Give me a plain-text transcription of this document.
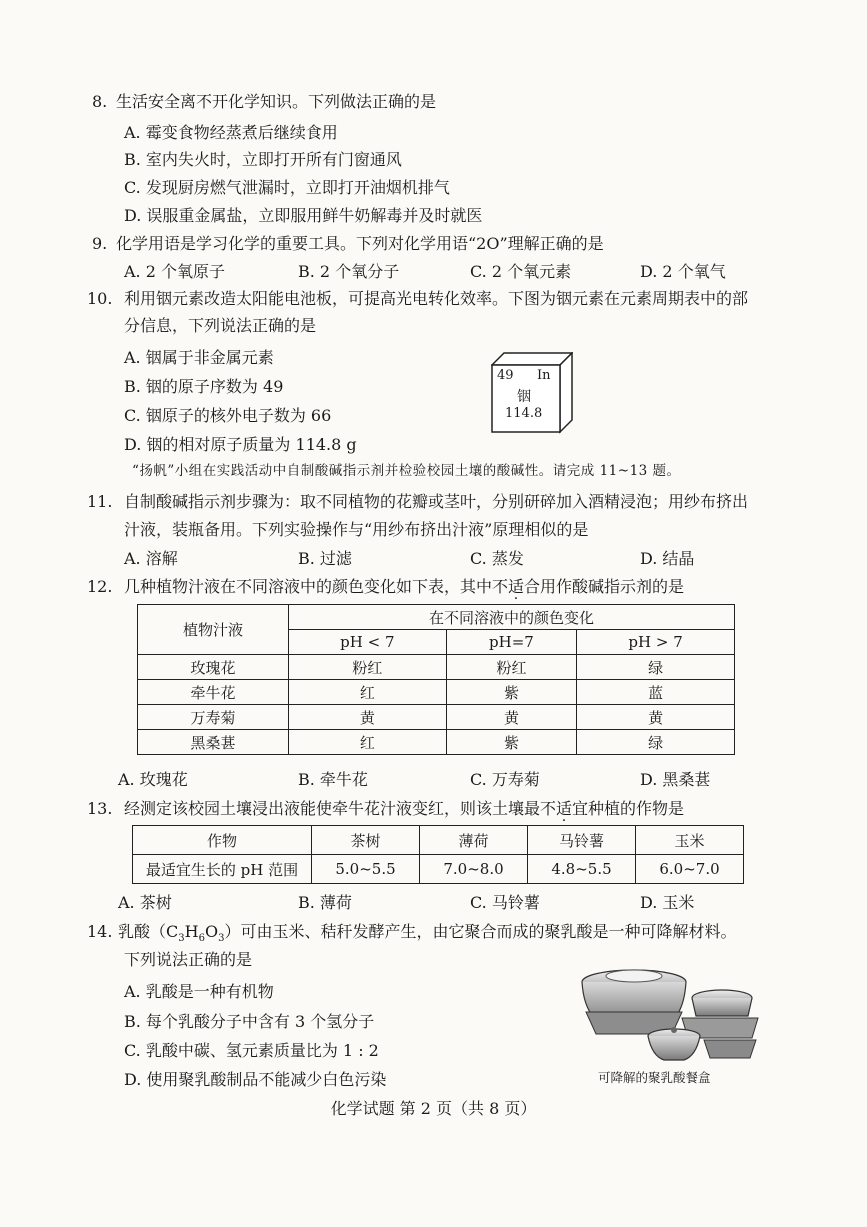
8. 生活安全离不开化学知识。下列做法正确的是
A. 霉变食物经蒸煮后继续食用
B. 室内失火时，立即打开所有门窗通风
C. 发现厨房燃气泄漏时，立即打开油烟机排气
D. 误服重金属盐，立即服用鲜牛奶解毒并及时就医
9. 化学用语是学习化学的重要工具。下列对化学用语“2O”理解正确的是
A. 2 个氧原子	B. 2 个氧分子	C. 2 个氧元素	D. 2 个氧气
10. 利用铟元素改造太阳能电池板，可提高光电转化效率。下图为铟元素在元素周期表中的部
分信息，下列说法正确的是
A. 铟属于非金属元素
B. 铟的原子序数为 49
C. 铟原子的核外电子数为 66
D. 铟的相对原子质量为 114.8 g
49 In
铟
114.8
“扬帆”小组在实践活动中自制酸碱指示剂并检验校园土壤的酸碱性。请完成 11~13 题。
11. 自制酸碱指示剂步骤为：取不同植物的花瓣或茎叶，分别研碎加入酒精浸泡；用纱布挤出
汁液，装瓶备用。下列实验操作与“用纱布挤出汁液”原理相似的是
A. 溶解	B. 过滤	C. 蒸发	D. 结晶
12. 几种植物汁液在不同溶液中的颜色变化如下表，其中不适合用作酸碱指示剂的是
植物汁液	在不同溶液中的颜色变化		
	pH < 7	pH=7	pH > 7
玫瑰花	粉红	粉红	绿
牵牛花	红	紫	蓝
万寿菊	黄	黄	黄
黑桑葚	红	紫	绿
A. 玫瑰花	B. 牵牛花	C. 万寿菊	D. 黑桑葚
13. 经测定该校园土壤浸出液能使牵牛花汁液变红，则该土壤最不适宜种植的作物是
作物	茶树	薄荷	马铃薯	玉米
最适宜生长的 pH 范围	5.0~5.5	7.0~8.0	4.8~5.5	6.0~7.0
A. 茶树	B. 薄荷	C. 马铃薯	D. 玉米
14. 乳酸$(C_3H_6O_3)$可由玉米、秸秆发酵产生，由它聚合而成的聚乳酸是一种可降解材料。
下列说法正确的是
A. 乳酸是一种有机物
B. 每个乳酸分子中含有 3 个氢分子
C. 乳酸中碳、氢元素质量比为 1 : 2
D. 使用聚乳酸制品不能减少白色污染	可降解的聚乳酸餐盒
化学试题 第 2 页（共 8 页）
